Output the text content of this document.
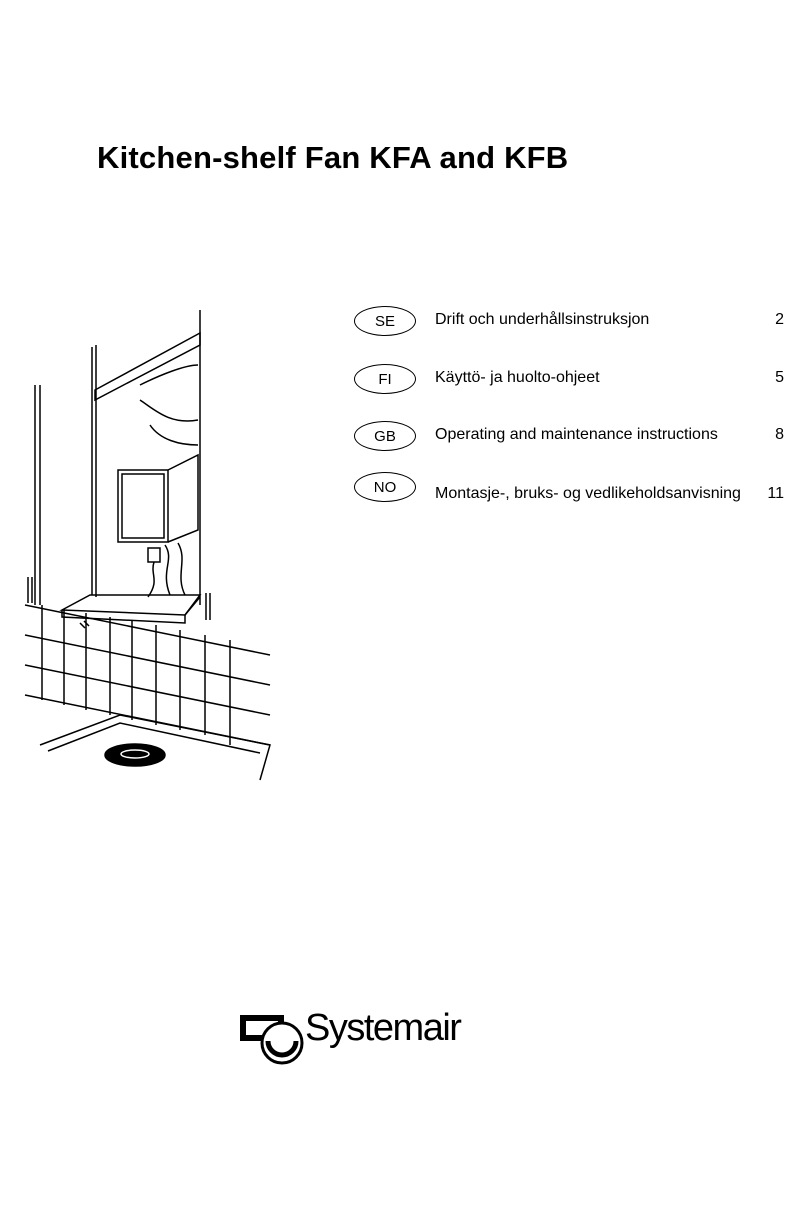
Kitchen-shelf Fan KFA and KFB
SE	Drift och underhållsinstruksjon	2
FI	Käyttö- ja huolto-ohjeet	5
GB	Operating and maintenance instructions	8
NO	Montasje-, bruks- og vedlikeholdsanvisning 11
Systemair
